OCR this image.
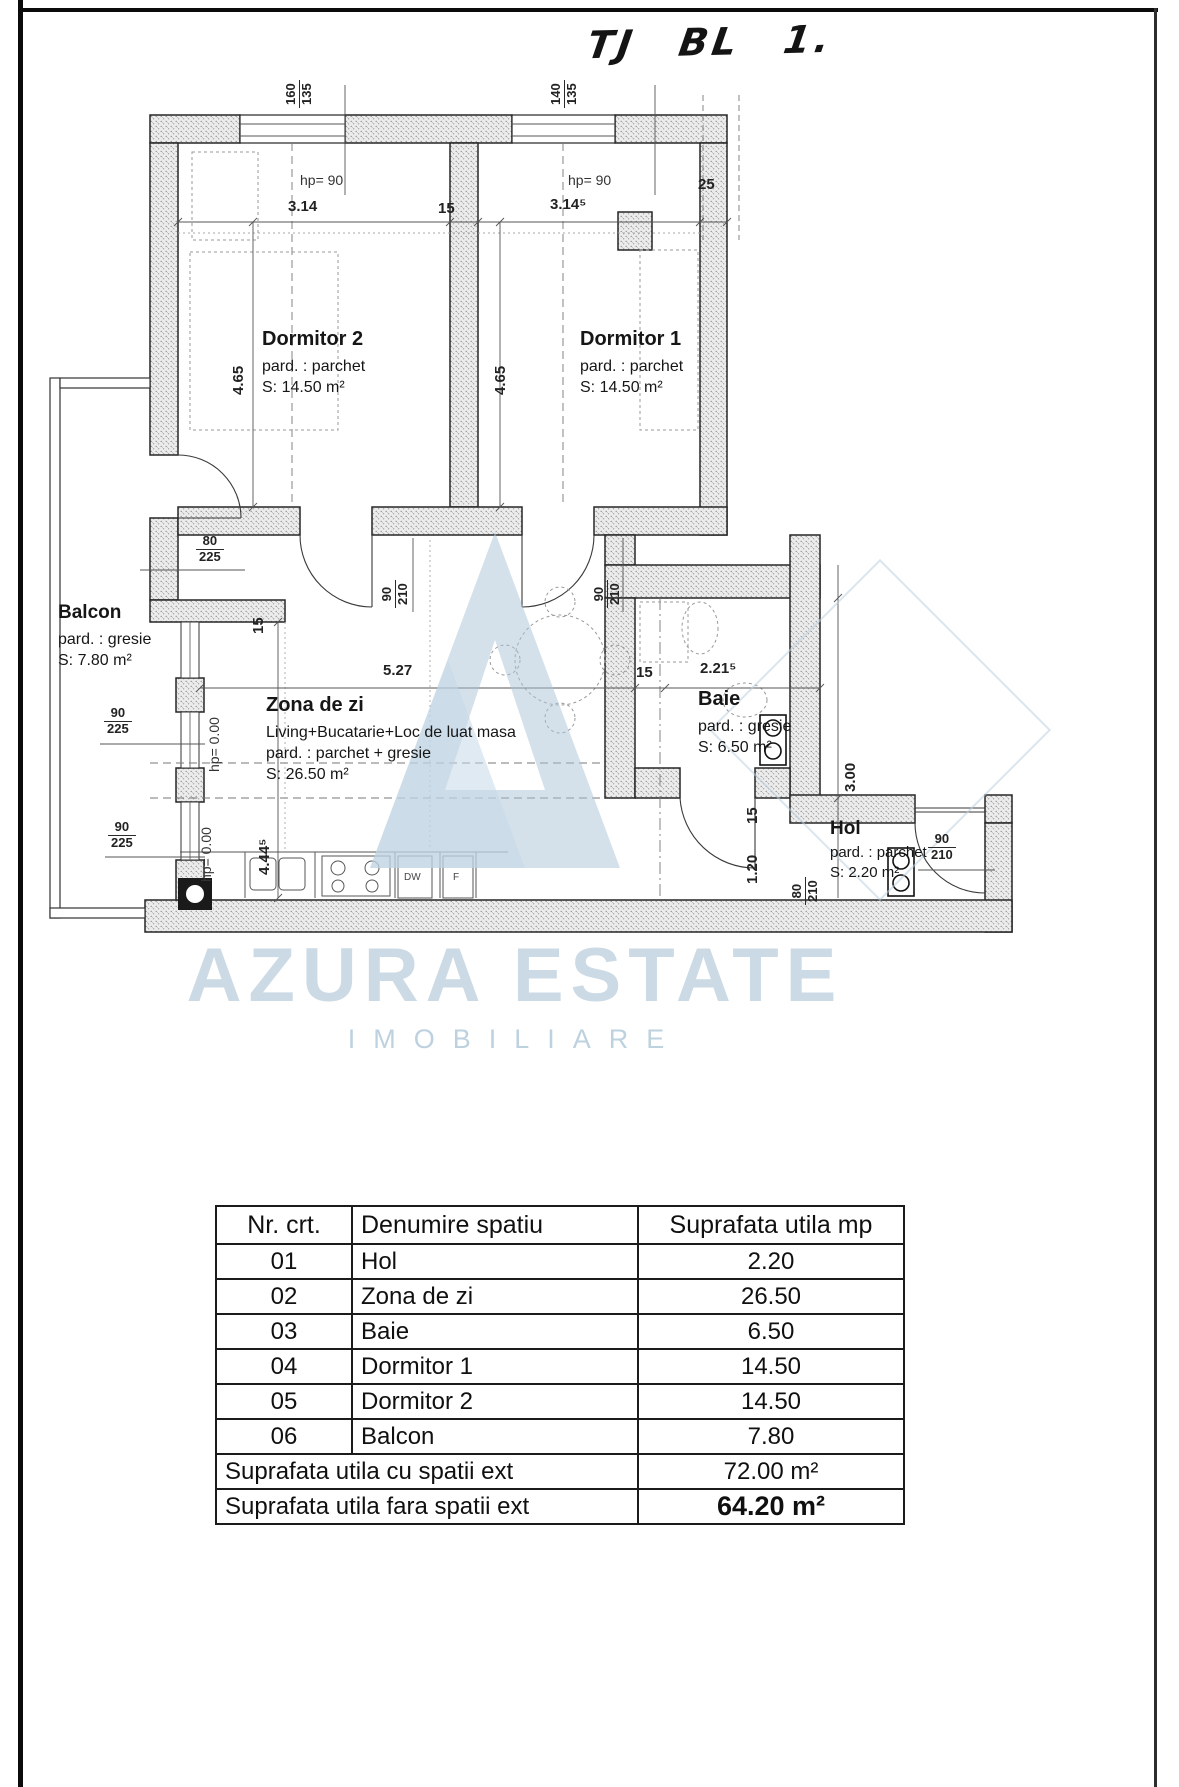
TJ BL 1.
DW	F
Dormitor 2
pard. : parchet
S: 14.50 m²
Dormitor 1
pard. : parchet
S: 14.50 m²
Zona de zi
Living+Bucatarie+Loc de luat masa
pard. : parchet + gresie
S: 26.50 m²
Baie
pard. : gresie
S: 6.50 m²
Hol
pard. : parchet
S: 2.20 m²
Balcon
pard. : gresie
S: 7.80 m²
3.14	15	3.14⁵
25
5.27	15	2.21⁵
hp= 90	hp= 90
hp= 0.00
hp= 0.00
4.65	4.65
4.44⁵
3.00
15
1.20
15
160 135	140 135
$\frac{80}{225}$
$\frac{90}{225}$
$\frac{90}{225}$
90 210	90 210
80 210
$\frac{90}{210}$
AZURA ESTATE
IMOBILIARE
Nr. crt.	Denumire spatiu	Suprafata utila mp
01	Hol	2.20
02	Zona de zi	26.50
03	Baie	6.50
04	Dormitor 1	14.50
05	Dormitor 2	14.50
06	Balcon	7.80
Suprafata utila cu spatii ext		72.00 m²
Suprafata utila fara spatii ext		64.20 m²
